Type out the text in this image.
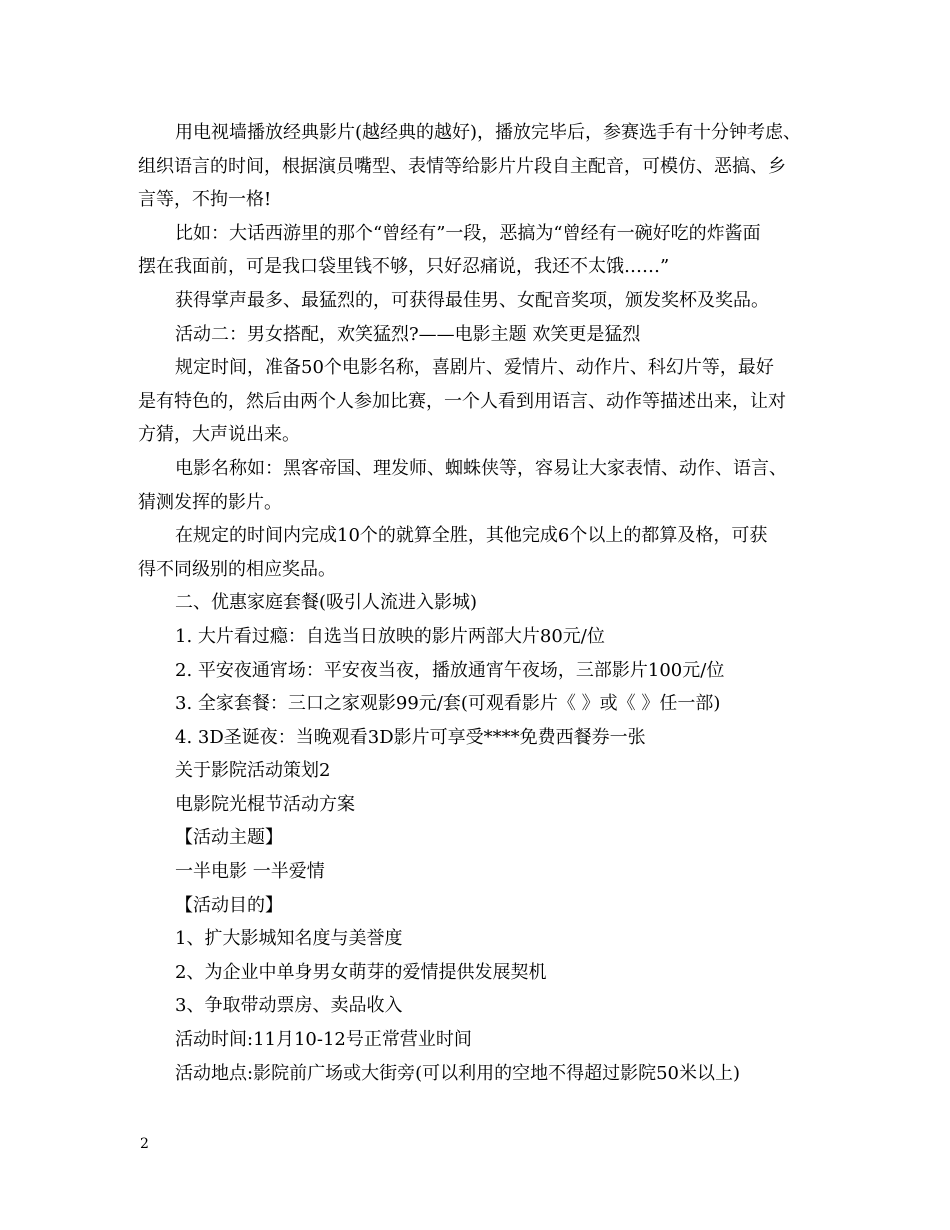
用电视墙播放经典影片(越经典的越好)，播放完毕后，参赛选手有十分钟考虑、
组织语言的时间，根据演员嘴型、表情等给影片片段自主配音，可模仿、恶搞、乡
言等，不拘一格!
比如：大话西游里的那个“曾经有”一段，恶搞为“曾经有一碗好吃的炸酱面
摆在我面前，可是我口袋里钱不够，只好忍痛说，我还不太饿……”
获得掌声最多、最猛烈的，可获得最佳男、女配音奖项，颁发奖杯及奖品。
活动二：男女搭配，欢笑猛烈?——电影主题 欢笑更是猛烈
规定时间，准备50个电影名称，喜剧片、爱情片、动作片、科幻片等，最好
是有特色的，然后由两个人参加比赛，一个人看到用语言、动作等描述出来，让对
方猜，大声说出来。
电影名称如：黑客帝国、理发师、蜘蛛侠等，容易让大家表情、动作、语言、
猜测发挥的影片。
在规定的时间内完成10个的就算全胜，其他完成6个以上的都算及格，可获
得不同级别的相应奖品。
二、优惠家庭套餐(吸引人流进入影城)
1. 大片看过瘾：自选当日放映的影片两部大片80元/位
2. 平安夜通宵场：平安夜当夜，播放通宵午夜场，三部影片100元/位
3. 全家套餐：三口之家观影99元/套(可观看影片《 》或《 》任一部)
4. 3D圣诞夜：当晚观看3D影片可享受****免费西餐券一张
关于影院活动策划2
电影院光棍节活动方案
【活动主题】
一半电影 一半爱情
【活动目的】
1、扩大影城知名度与美誉度
2、为企业中单身男女萌芽的爱情提供发展契机
3、争取带动票房、卖品收入
活动时间:11月10-12号正常营业时间
活动地点:影院前广场或大街旁(可以利用的空地不得超过影院50米以上)
2
